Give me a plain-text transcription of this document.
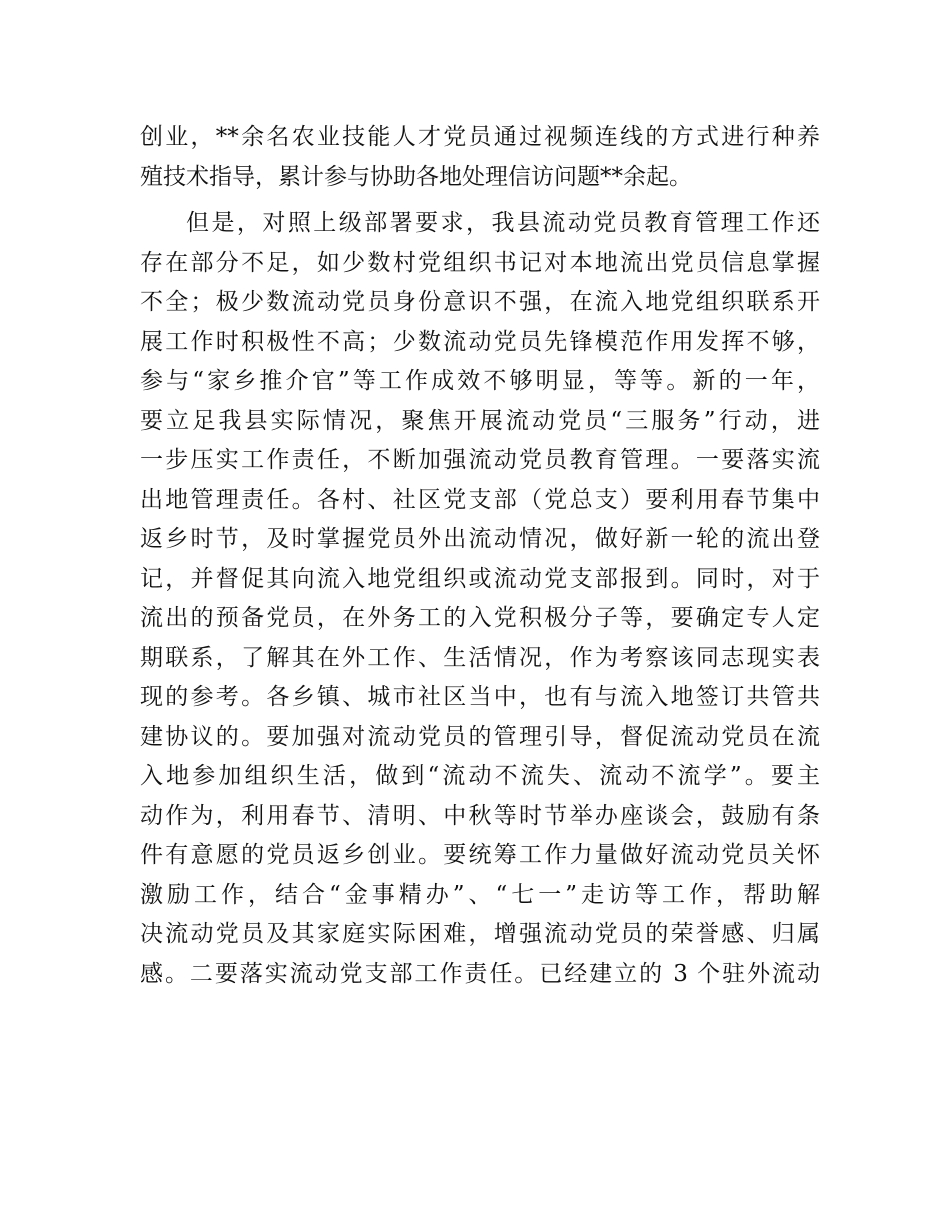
创业，**余名农业技能人才党员通过视频连线的方式进行种养
殖技术指导，累计参与协助各地处理信访问题**余起。
但是，对照上级部署要求，我县流动党员教育管理工作还
存在部分不足，如少数村党组织书记对本地流出党员信息掌握
不全；极少数流动党员身份意识不强，在流入地党组织联系开
展工作时积极性不高；少数流动党员先锋模范作用发挥不够，
参与“家乡推介官”等工作成效不够明显，等等。新的一年，
要立足我县实际情况，聚焦开展流动党员“三服务”行动，进
一步压实工作责任，不断加强流动党员教育管理。一要落实流
出地管理责任。各村、社区党支部（党总支）要利用春节集中
返乡时节，及时掌握党员外出流动情况，做好新一轮的流出登
记，并督促其向流入地党组织或流动党支部报到。同时，对于
流出的预备党员，在外务工的入党积极分子等，要确定专人定
期联系，了解其在外工作、生活情况，作为考察该同志现实表
现的参考。各乡镇、城市社区当中，也有与流入地签订共管共
建协议的。要加强对流动党员的管理引导，督促流动党员在流
入地参加组织生活，做到“流动不流失、流动不流学”。要主
动作为，利用春节、清明、中秋等时节举办座谈会，鼓励有条
件有意愿的党员返乡创业。要统筹工作力量做好流动党员关怀
激励工作，结合“金事精办”、“七一”走访等工作，帮助解
决流动党员及其家庭实际困难，增强流动党员的荣誉感、归属
感。二要落实流动党支部工作责任。已经建立的 3 个驻外流动
